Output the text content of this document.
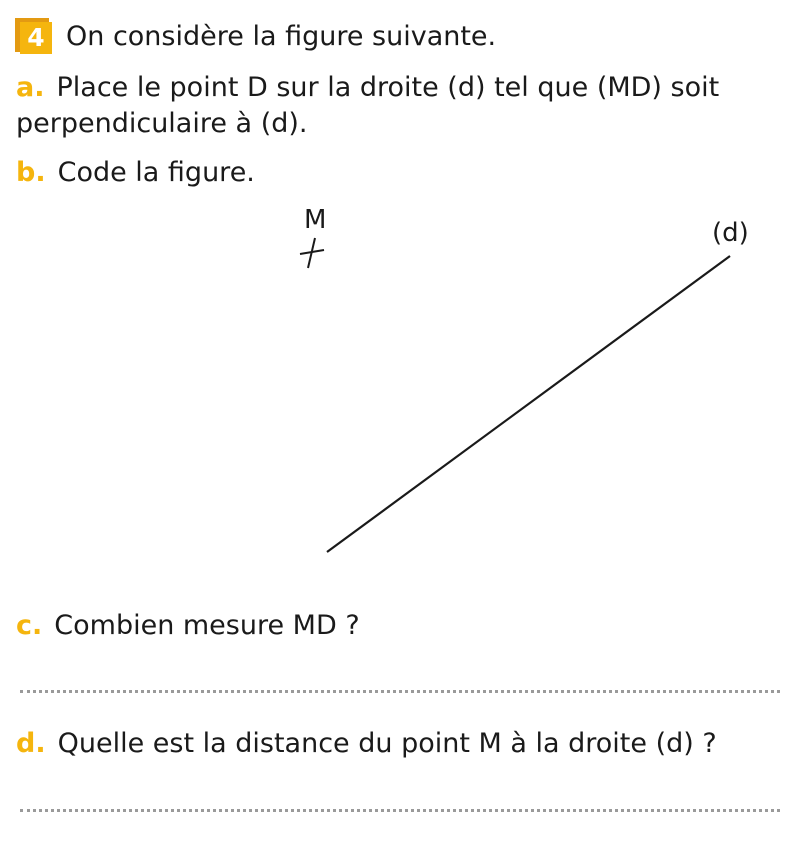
4 On considère la figure suivante.
a. Place le point D sur la droite (d) tel que (MD) soit
perpendiculaire à (d).
b. Code la figure.
M	(d)
c. Combien mesure MD ?
d. Quelle est la distance du point M à la droite (d) ?
